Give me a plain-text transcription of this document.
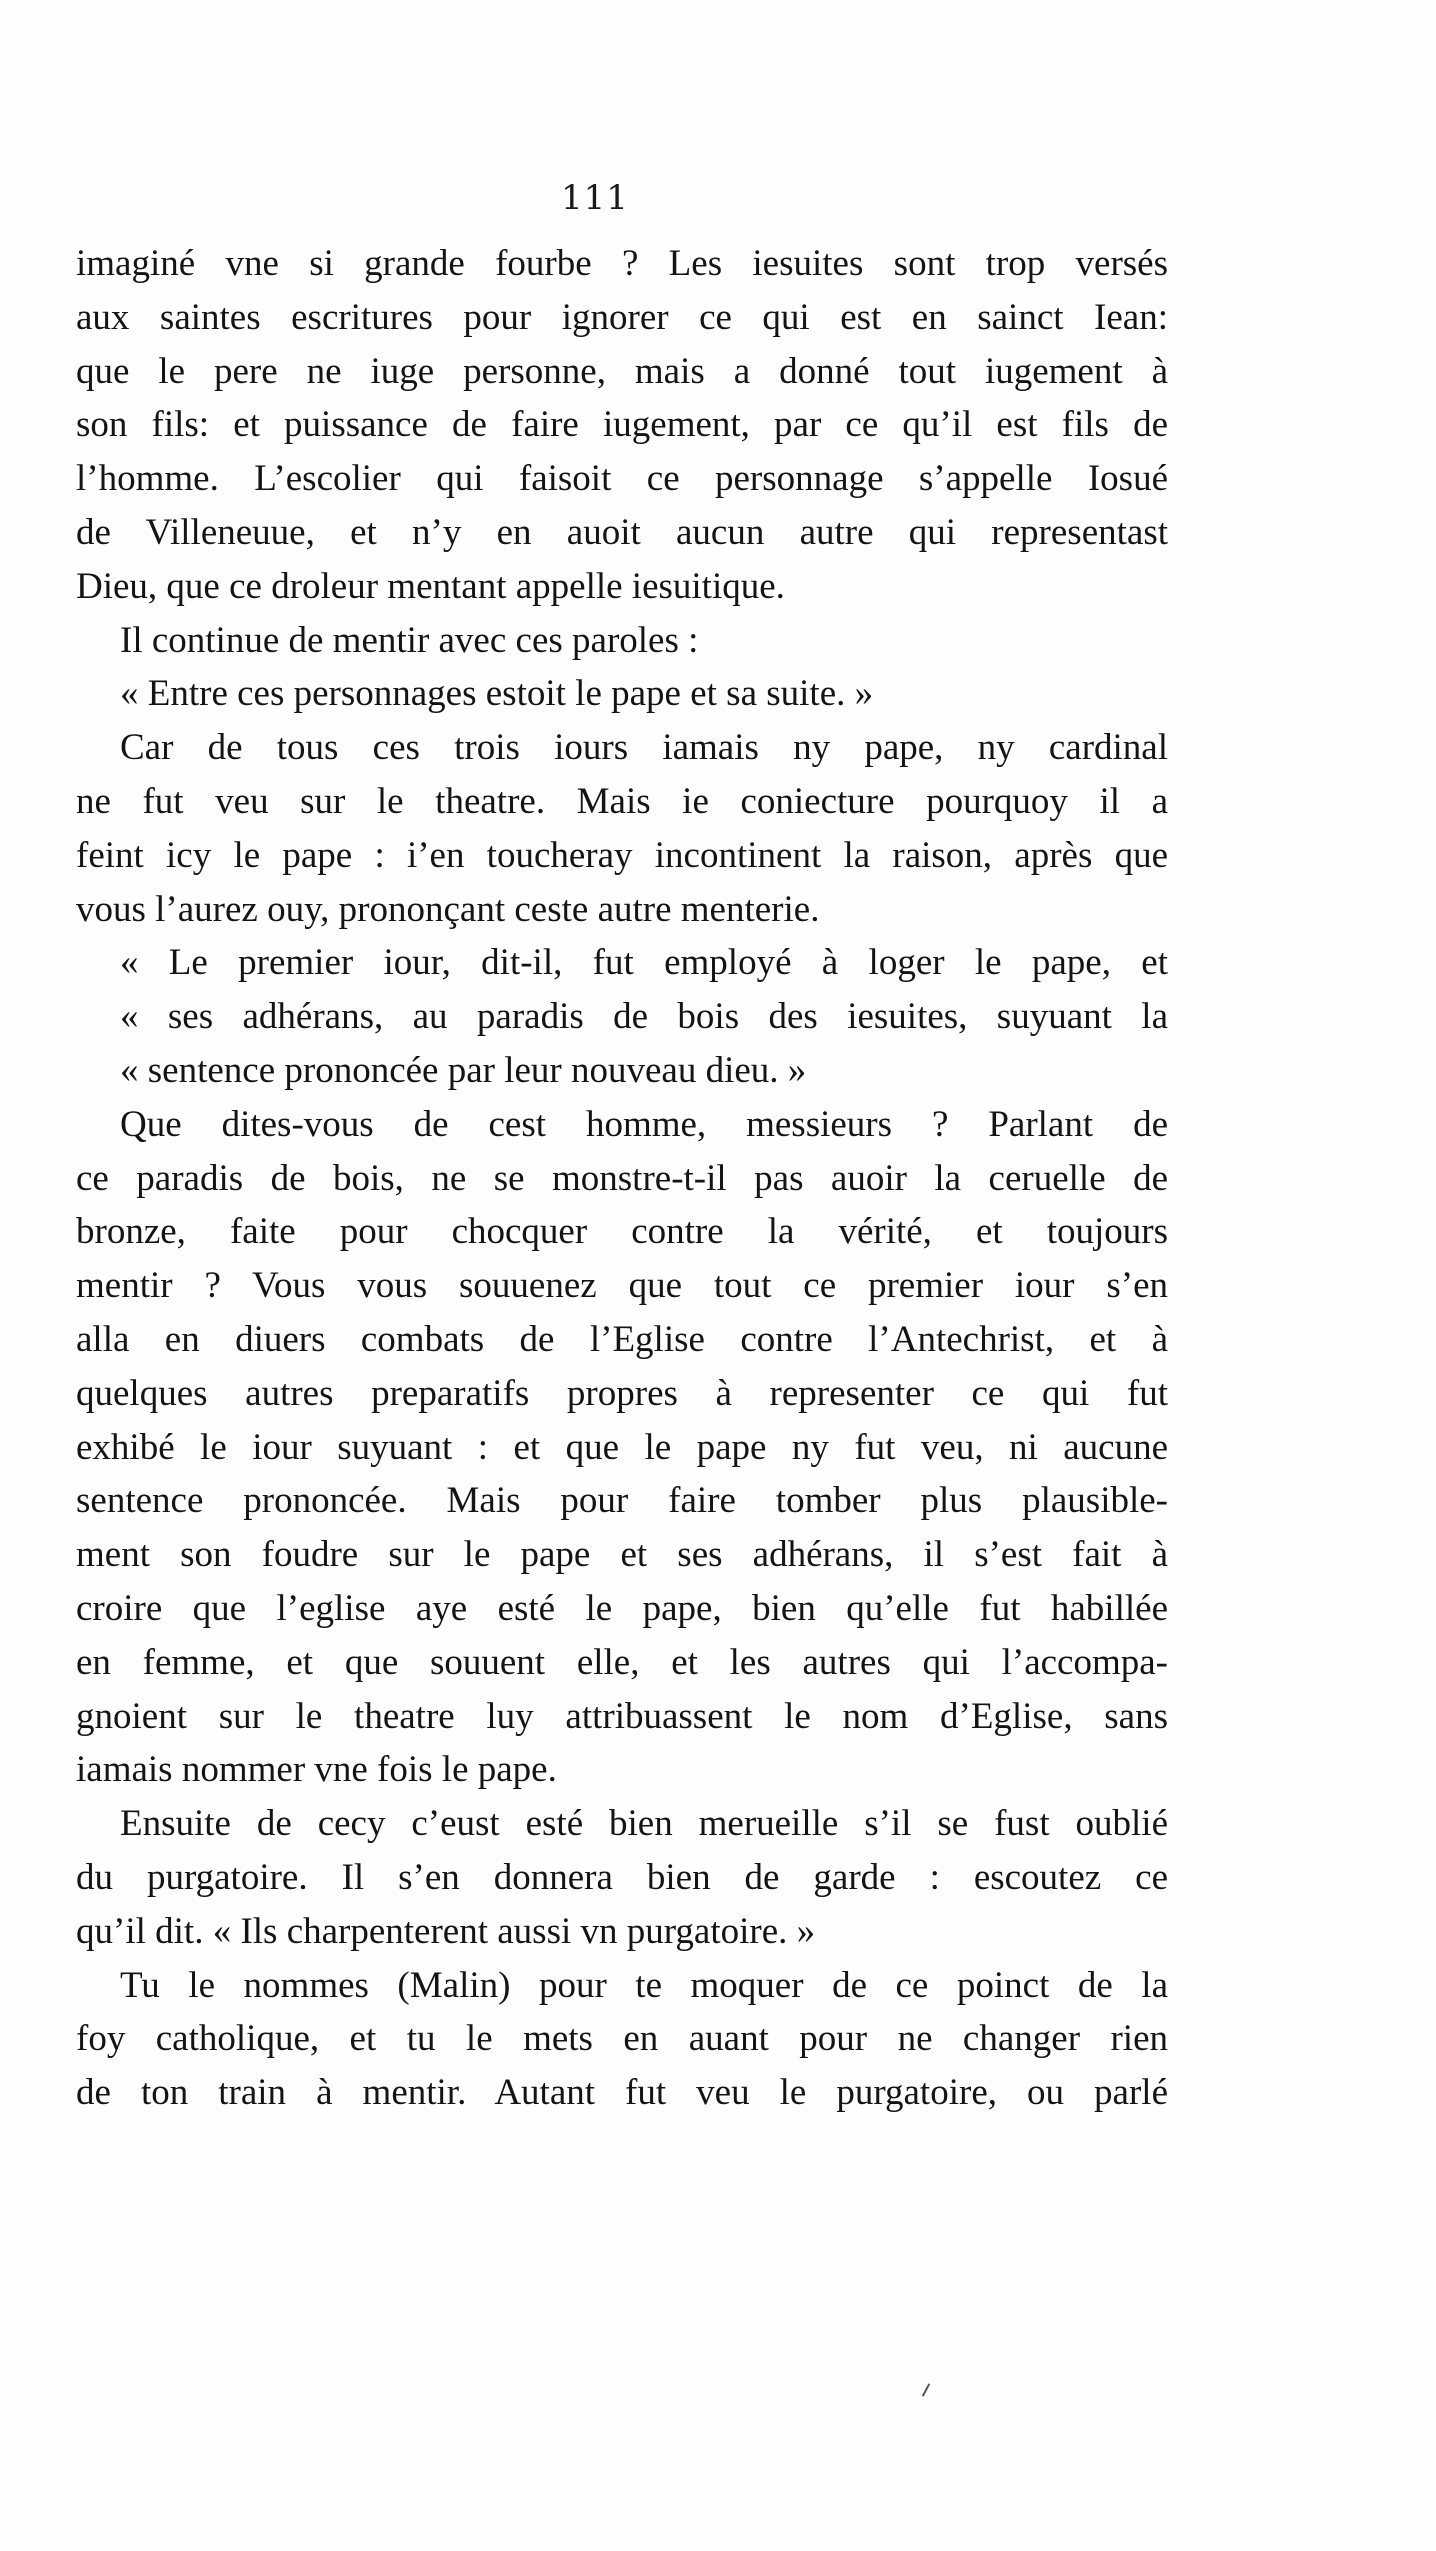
111
imaginé vne si grande fourbe ? Les iesuites sont trop versés
aux saintes escritures pour ignorer ce qui est en sainct Iean:
que le pere ne iuge personne, mais a donné tout iugement à
son fils: et puissance de faire iugement, par ce qu’il est fils de
l’homme. L’escolier qui faisoit ce personnage s’appelle Iosué
de Villeneuue, et n’y en auoit aucun autre qui representast
Dieu, que ce droleur mentant appelle iesuitique.
Il continue de mentir avec ces paroles :
« Entre ces personnages estoit le pape et sa suite. »
Car de tous ces trois iours iamais ny pape, ny cardinal
ne fut veu sur le theatre. Mais ie coniecture pourquoy il a
feint icy le pape : i’en toucheray incontinent la raison, après que
vous l’aurez ouy, prononçant ceste autre menterie.
« Le premier iour, dit-il, fut employé à loger le pape, et
« ses adhérans, au paradis de bois des iesuites, suyuant la
« sentence prononcée par leur nouveau dieu. »
Que dites-vous de cest homme, messieurs ? Parlant de
ce paradis de bois, ne se monstre-t-il pas auoir la ceruelle de
bronze, faite pour chocquer contre la vérité, et toujours
mentir ? Vous vous souuenez que tout ce premier iour s’en
alla en diuers combats de l’Eglise contre l’Antechrist, et à
quelques autres preparatifs propres à representer ce qui fut
exhibé le iour suyuant : et que le pape ny fut veu, ni aucune
sentence prononcée. Mais pour faire tomber plus plausible-
ment son foudre sur le pape et ses adhérans, il s’est fait à
croire que l’eglise aye esté le pape, bien qu’elle fut habillée
en femme, et que souuent elle, et les autres qui l’accompa-
gnoient sur le theatre luy attribuassent le nom d’Eglise, sans
iamais nommer vne fois le pape.
Ensuite de cecy c’eust esté bien merueille s’il se fust oublié
du purgatoire. Il s’en donnera bien de garde : escoutez ce
qu’il dit. « Ils charpenterent aussi vn purgatoire. »
Tu le nommes (Malin) pour te moquer de ce poinct de la
foy catholique, et tu le mets en auant pour ne changer rien
de ton train à mentir. Autant fut veu le purgatoire, ou parlé
